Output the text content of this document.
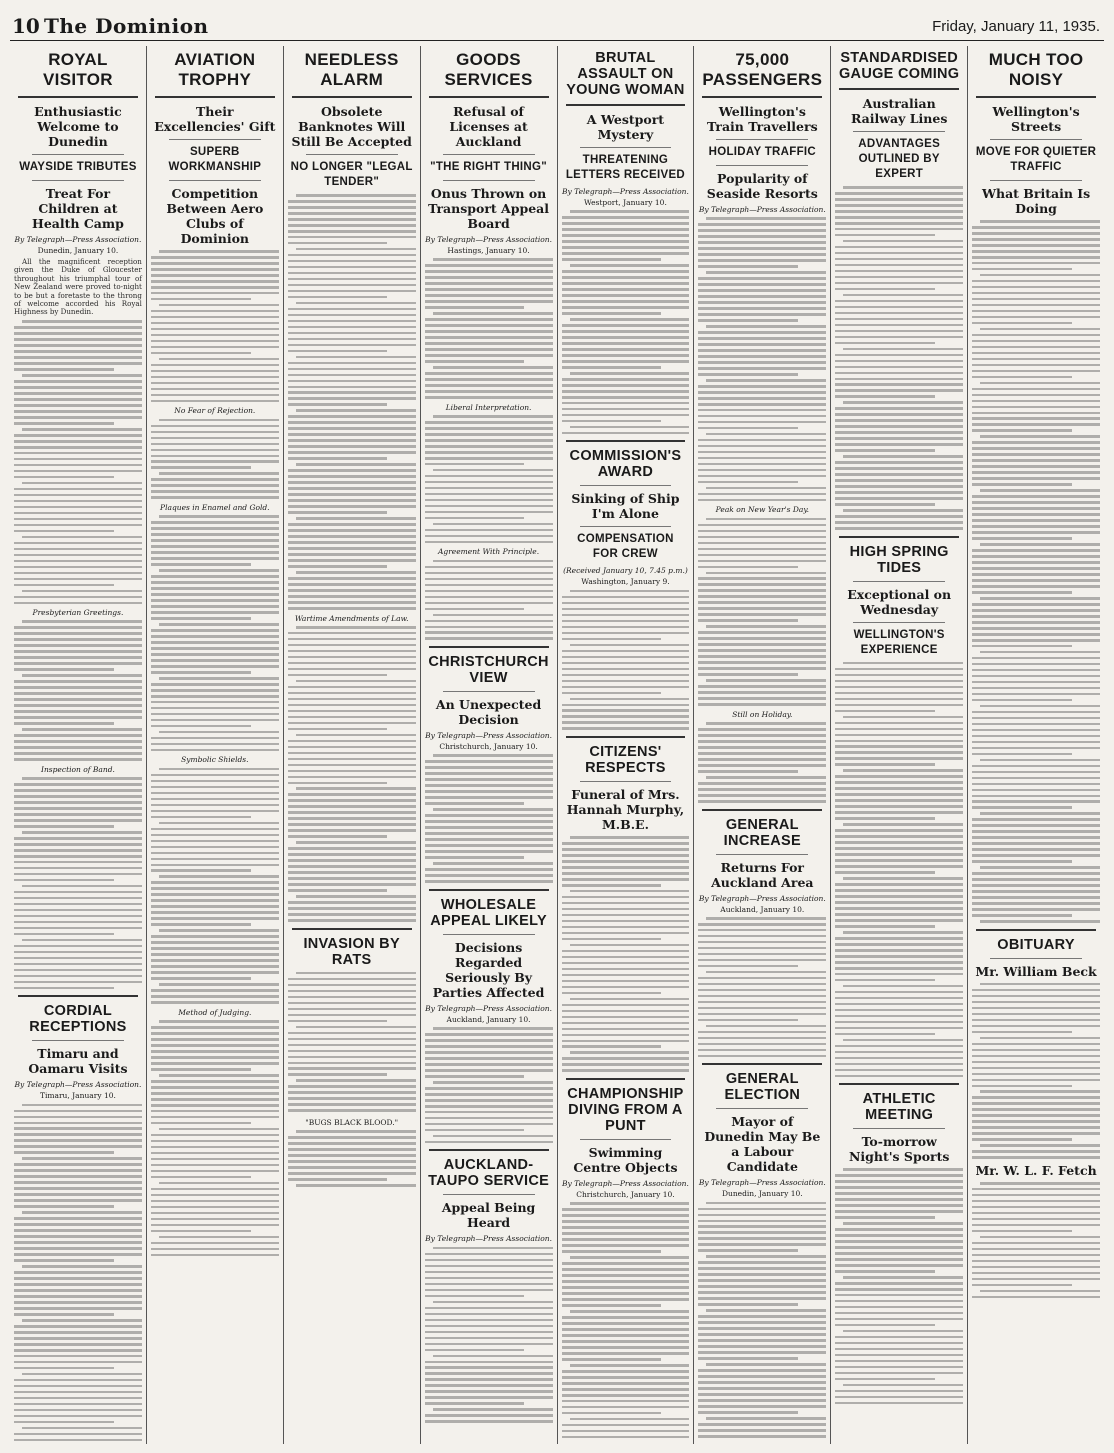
10 The Dominion	Friday, January 11, 1935.
ROYAL VISITOR
Enthusiastic Welcome to Dunedin
WAYSIDE TRIBUTES
Treat For Children at Health Camp
By Telegraph—Press Association.
Dunedin, January 10.

All the magnificent reception given the Duke of Gloucester throughout his triumphal tour of New Zealand were proved to-night to be but a foretaste to the throng of welcome accorded his Royal Highness by Dunedin.

Presbyterian Greetings.
Inspection of Band.
CORDIAL RECEPTIONS
Timaru and Oamaru Visits
By Telegraph—Press Association.
Timaru, January 10.
AVIATION TROPHY
Their Excellencies' Gift
SUPERB WORKMANSHIP
Competition Between Aero Clubs of Dominion
No Fear of Rejection.
Plaques in Enamel and Gold.
Symbolic Shields.
Method of Judging.
NEEDLESS ALARM
Obsolete Banknotes Will Still Be Accepted
NO LONGER "LEGAL TENDER"
Wartime Amendments of Law.
INVASION BY RATS
"BUGS BLACK BLOOD."
GOODS SERVICES
Refusal of Licenses at Auckland
"THE RIGHT THING"
Onus Thrown on Transport Appeal Board
By Telegraph—Press Association.
Hastings, January 10.
Liberal Interpretation.
Agreement With Principle.
CHRISTCHURCH VIEW
An Unexpected Decision
By Telegraph—Press Association.
Christchurch, January 10.
WHOLESALE APPEAL LIKELY
Decisions Regarded Seriously By Parties Affected
By Telegraph—Press Association.
Auckland, January 10.
AUCKLAND-TAUPO SERVICE
Appeal Being Heard
By Telegraph—Press Association.
BRUTAL ASSAULT ON YOUNG WOMAN
A Westport Mystery
THREATENING LETTERS RECEIVED
By Telegraph—Press Association.
Westport, January 10.
COMMISSION'S AWARD
Sinking of Ship I'm Alone
COMPENSATION FOR CREW
(Received January 10, 7.45 p.m.)
Washington, January 9.
CITIZENS' RESPECTS
Funeral of Mrs. Hannah Murphy, M.B.E.
CHAMPIONSHIP DIVING FROM A PUNT
Swimming Centre Objects
By Telegraph—Press Association.
Christchurch, January 10.
75,000 PASSENGERS
Wellington's Train Travellers
HOLIDAY TRAFFIC
Popularity of Seaside Resorts
By Telegraph—Press Association.
Peak on New Year's Day.
Still on Holiday.
GENERAL INCREASE
Returns For Auckland Area
By Telegraph—Press Association.
Auckland, January 10.
GENERAL ELECTION
Mayor of Dunedin May Be a Labour Candidate
By Telegraph—Press Association.
Dunedin, January 10.
STANDARDISED GAUGE COMING
Australian Railway Lines
ADVANTAGES OUTLINED BY EXPERT
HIGH SPRING TIDES
Exceptional on Wednesday
WELLINGTON'S EXPERIENCE
ATHLETIC MEETING
To-morrow Night's Sports
MUCH TOO NOISY
Wellington's Streets
MOVE FOR QUIETER TRAFFIC
What Britain Is Doing
OBITUARY
Mr. William Beck
Mr. W. L. F. Fetch
